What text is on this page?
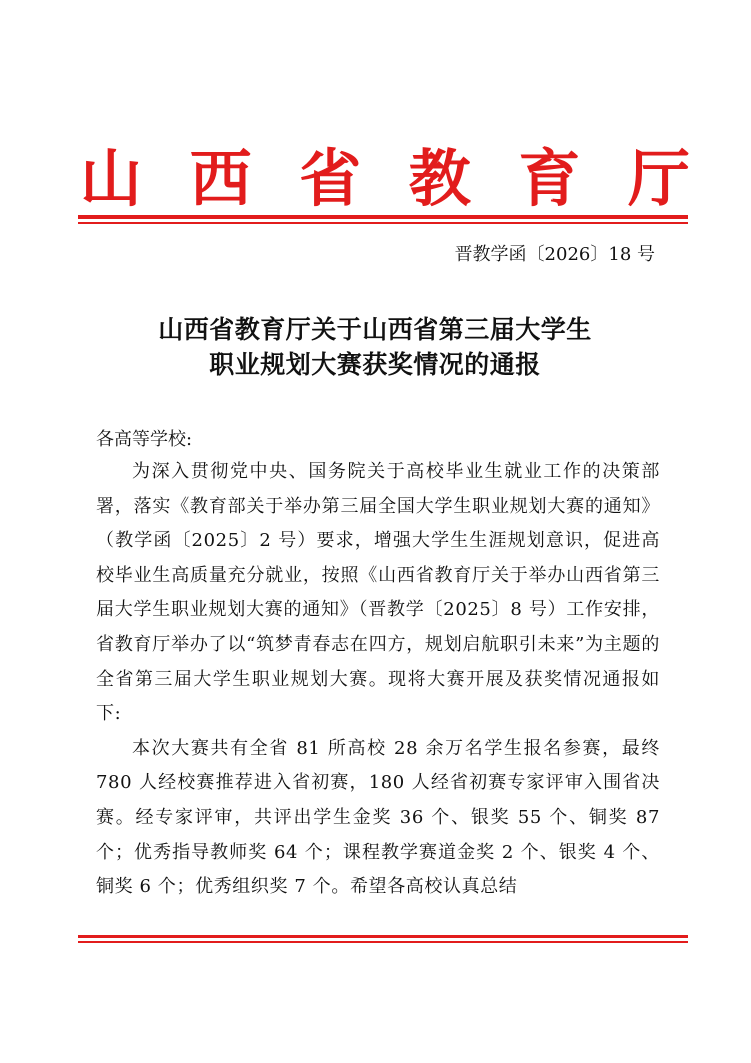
山 西 省 教 育 厅
晋教学函〔2026〕18 号
山西省教育厅关于山西省第三届大学生
职业规划大赛获奖情况的通报
各高等学校:

为深入贯彻党中央、国务院关于高校毕业生就业工作的决策部署，落实《教育部关于举办第三届全国大学生职业规划大赛的通知》（教学函〔2025〕2 号）要求，增强大学生生涯规划意识，促进高校毕业生高质量充分就业，按照《山西省教育厅关于举办山西省第三届大学生职业规划大赛的通知》（晋教学〔2025〕8 号）工作安排，省教育厅举办了以“筑梦青春志在四方，规划启航职引未来”为主题的全省第三届大学生职业规划大赛。现将大赛开展及获奖情况通报如下:

本次大赛共有全省 81 所高校 28 余万名学生报名参赛，最终 780 人经校赛推荐进入省初赛，180 人经省初赛专家评审入围省决赛。经专家评审，共评出学生金奖 36 个、银奖 55 个、铜奖 87 个；优秀指导教师奖 64 个；课程教学赛道金奖 2 个、银奖 4 个、铜奖 6 个；优秀组织奖 7 个。希望各高校认真总结
